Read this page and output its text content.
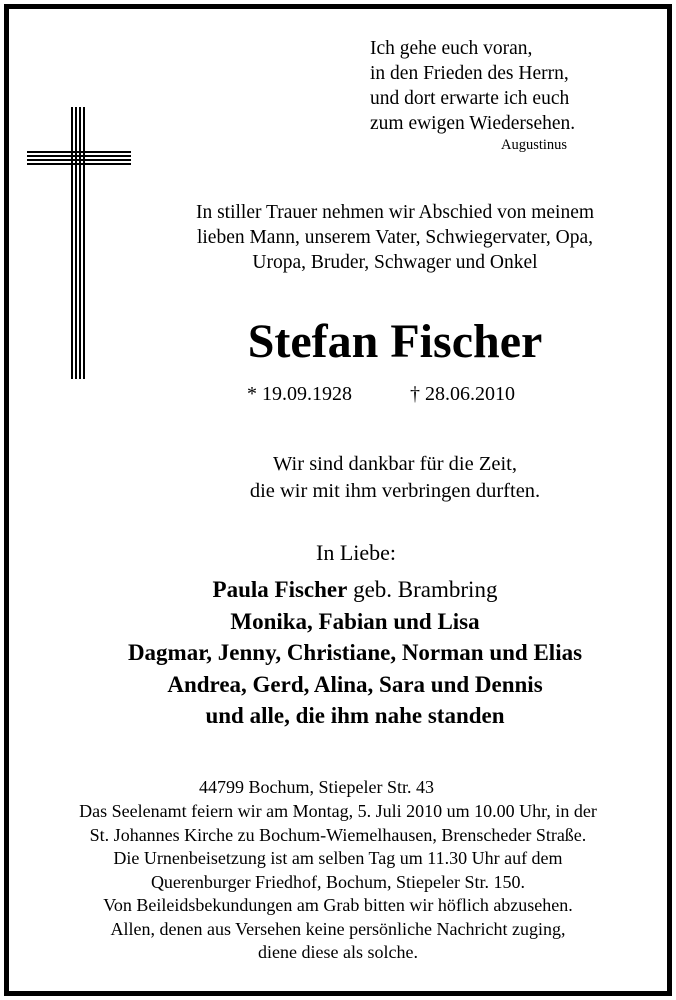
Ich gehe euch voran,
in den Frieden des Herrn,
und dort erwarte ich euch
zum ewigen Wiedersehen.
Augustinus
In stiller Trauer nehmen wir Abschied von meinem
lieben Mann, unserem Vater, Schwiegervater, Opa,
Uropa, Bruder, Schwager und Onkel
Stefan Fischer
* 19.09.1928	† 28.06.2010
Wir sind dankbar für die Zeit,
die wir mit ihm verbringen durften.
In Liebe:
Paula Fischer geb. Brambring
Monika, Fabian und Lisa
Dagmar, Jenny, Christiane, Norman und Elias
Andrea, Gerd, Alina, Sara und Dennis
und alle, die ihm nahe standen
44799 Bochum, Stiepeler Str. 43
Das Seelenamt feiern wir am Montag, 5. Juli 2010 um 10.00 Uhr, in der
St. Johannes Kirche zu Bochum-Wiemelhausen, Brenscheder Straße.
Die Urnenbeisetzung ist am selben Tag um 11.30 Uhr auf dem
Querenburger Friedhof, Bochum, Stiepeler Str. 150.
Von Beileidsbekundungen am Grab bitten wir höflich abzusehen.
Allen, denen aus Versehen keine persönliche Nachricht zuging,
diene diese als solche.
